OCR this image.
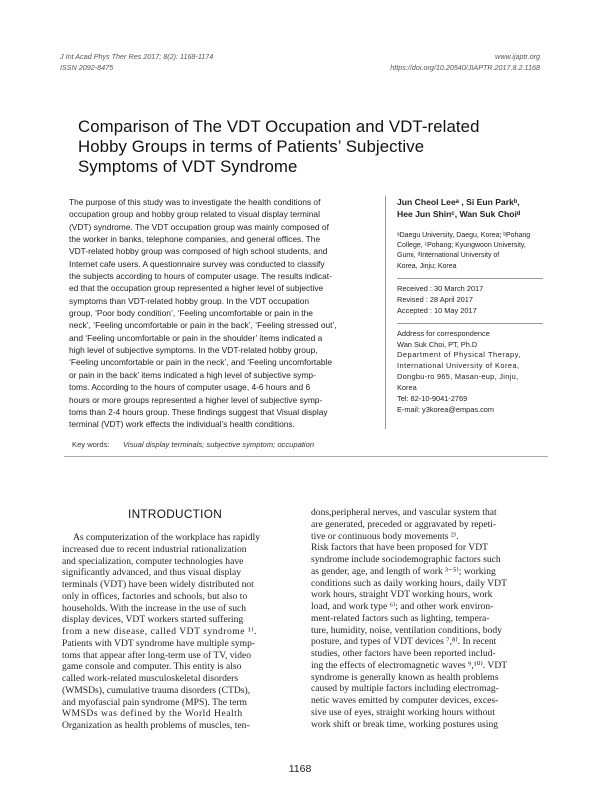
J Int Acad Phys Ther Res 2017; 8(2): 1168-1174
ISSN 2092-8475
www.ijaptr.org
https://doi.org/10.20540/JIAPTR.2017.8.2.1168
Comparison of The VDT Occupation and VDT-related
Hobby Groups in terms of Patients’ Subjective
Symptoms of VDT Syndrome
The purpose of this study was to investigate the health conditions of
occupation group and hobby group related to visual display terminal
(VDT) syndrome. The VDT occupation group was mainly composed of
the worker in banks, telephone companies, and general offices. The
VDT-related hobby group was composed of high school students, and
Internet cafe users. A questionnaire survey was conducted to classify
the subjects according to hours of computer usage. The results indicat-
ed that the occupation group represented a higher level of subjective
symptoms than VDT-related hobby group. In the VDT occupation
group, ‘Poor body condition’, ‘Feeling uncomfortable or pain in the
neck’, ‘Feeling uncomfortable or pain in the back’, ‘Feeling stressed out’,
and ‘Feeling uncomfortable or pain in the shoulder’ items indicated a
high level of subjective symptoms. In the VDT-related hobby group,
‘Feeling uncomfortable or pain in the neck’, and ‘Feeling uncomfortable
or pain in the back’ items indicated a high level of subjective symp-
toms. According to the hours of computer usage, 4-6 hours and 6
hours or more groups represented a higher level of subjective symp-
toms than 2-4 hours group. These findings suggest that Visual display
terminal (VDT) work effects the individual’s health conditions.
Jun Cheol Leeᵃ , Si Eun Parkᵇ,
Hee Jun Shinᶜ, Wan Suk Choiᵈ
ᵃDaegu University, Daegu, Korea; ᵇPohang
College, ᶜPohang; Kyungwoon University,
Gumi, ᵈInternational University of
Korea, Jinju; Korea
Received : 30 March 2017
Revised : 28 April 2017
Accepted : 10 May 2017
Address for correspondence
Wan Suk Choi, PT, Ph.D
Department of Physical Therapy,
International University of Korea,
Dongbu-ro 965, Masan-eup, Jinju,
Korea
Tel: 82-10-9041-2769
E-mail: y3korea@empas.com
Key words: Visual display terminals; subjective symptom; occupation
INTRODUCTION
As computerization of the workplace has rapidly
increased due to recent industrial rationalization
and specialization, computer technologies have
significantly advanced, and thus visual display
terminals (VDT) have been widely distributed not
only in offices, factories and schools, but also to
households. With the increase in the use of such
display devices, VDT workers started suffering
from a new disease, called VDT syndrome ¹⁾.
Patients with VDT syndrome have multiple symp-
toms that appear after long-term use of TV, video
game console and computer. This entity is also
called work-related musculoskeletal disorders
(WMSDs), cumulative trauma disorders (CTDs),
and myofascial pain syndrome (MPS). The term
WMSDs was defined by the World Health
Organization as health problems of muscles, ten-
dons,peripheral nerves, and vascular system that
are generated, preceded or aggravated by repeti-
tive or continuous body movements ²⁾.
Risk factors that have been proposed for VDT
syndrome include sociodemographic factors such
as gender, age, and length of work ³⁻⁵⁾; working
conditions such as daily working hours, daily VDT
work hours, straight VDT working hours, work
load, and work type ⁶⁾; and other work environ-
ment-related factors such as lighting, tempera-
ture, humidity, noise, ventilation conditions, body
posture, and types of VDT devices ⁷,⁸⁾. In recent
studies, other factors have been reported includ-
ing the effects of electromagnetic waves ⁹,¹⁰⁾. VDT
syndrome is generally known as health problems
caused by multiple factors including electromag-
netic waves emitted by computer devices, exces-
sive use of eyes, straight working hours without
work shift or break time, working postures using
1168
